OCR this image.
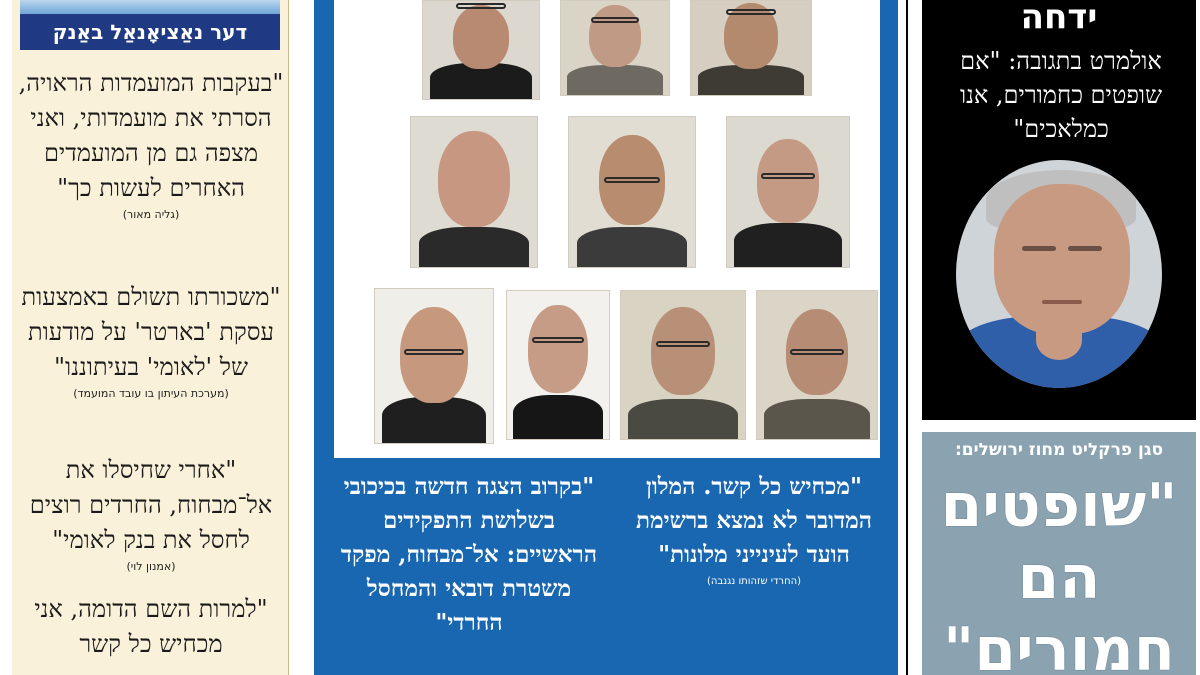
דער נאַציאָנאַל באַנק
"בעקבות המועמדות הראויה, הסרתי את מועמדותי, ואני מצפה גם מן המועמדים האחרים לעשות כך"
(גליה מאור)
"משכורתו תשולם באמצעות עסקת 'בארטר' על מודעות של 'לאומי' בעיתוננו"
(מערכת העיתון בו עובד המועמד)
"אחרי שחיסלו את אל־מבחוח, החרדים רוצים לחסל את בנק לאומי"
(אמנון לוי)
"למרות השם הדומה, אני מכחיש כל קשר
"מכחיש כל קשר. המלון המדובר לא נמצא ברשימת הועד לעינייני מלונות"
(החרדי שזהותו נגנבה)
"בקרוב הצגה חדשה בכיכובי בשלושת התפקידים הראשיים: אל־מבחוח, מפקד משטרת דובאי והמחסל החרדי"
ידחה
אולמרט בתגובה: "אם שופטים כחמורים, אנו כמלאכים"
סגן פרקליט מחוז ירושלים:
"שופטים הם חמורים"
